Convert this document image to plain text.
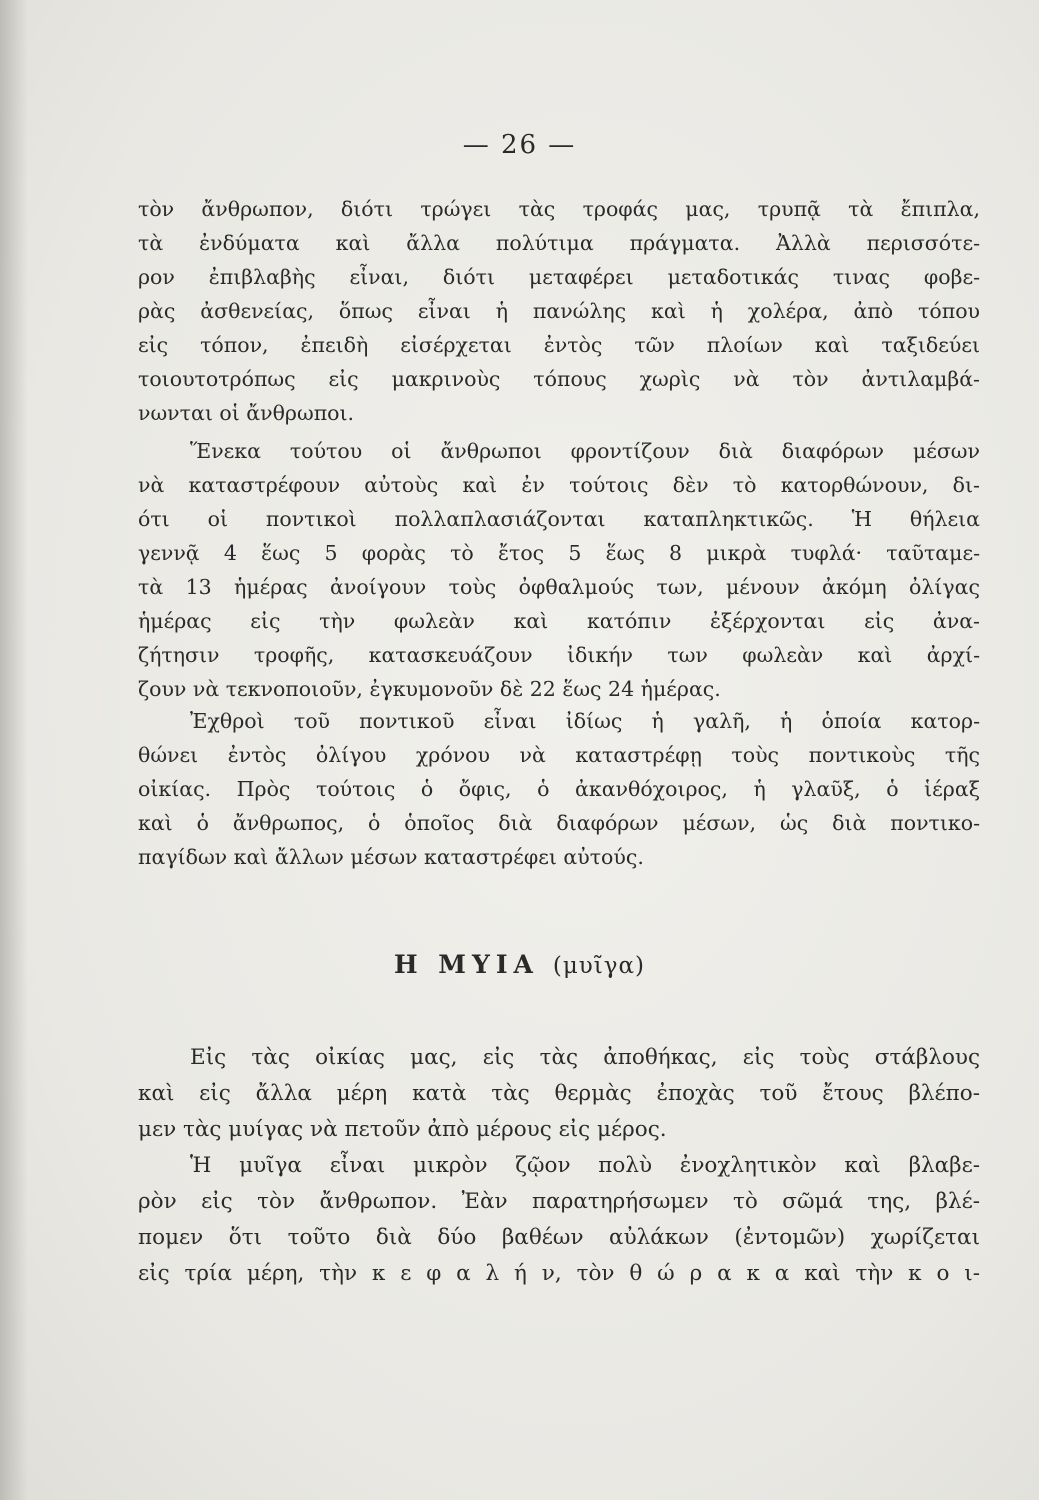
— 26 —
τὸν ἄνθρωπον, διότι τρώγει τὰς τροφάς μας, τρυπᾷ τὰ ἔπιπλα,
τὰ ἐνδύματα καὶ ἄλλα πολύτιμα πράγματα. Ἀλλὰ περισσότε-
ρον ἐπιβλαβὴς εἶναι, διότι μεταφέρει μεταδοτικάς τινας φοβε-
ρὰς ἀσθενείας, ὅπως εἶναι ἡ πανώλης καὶ ἡ χολέρα, ἀπὸ τόπου
εἰς τόπον, ἐπειδὴ εἰσέρχεται ἐντὸς τῶν πλοίων καὶ ταξιδεύει
τοιουτοτρόπως εἰς μακρινοὺς τόπους χωρὶς νὰ τὸν ἀντιλαμβά-
νωνται οἱ ἄνθρωποι.
Ἕνεκα τούτου οἱ ἄνθρωποι φροντίζουν διὰ διαφόρων μέσων
νὰ καταστρέφουν αὐτοὺς καὶ ἐν τούτοις δὲν τὸ κατορθώνουν, δι-
ότι οἱ ποντικοὶ πολλαπλασιάζονται καταπληκτικῶς. Ἡ θήλεια
γεννᾷ 4 ἕως 5 φορὰς τὸ ἔτος 5 ἕως 8 μικρὰ τυφλά· ταῦταμε-
τὰ 13 ἡμέρας ἀνοίγουν τοὺς ὀφθαλμούς των, μένουν ἀκόμη ὀλίγας
ἡμέρας εἰς τὴν φωλεὰν καὶ κατόπιν ἐξέρχονται εἰς ἀνα-
ζήτησιν τροφῆς, κατασκευάζουν ἰδικήν των φωλεὰν καὶ ἀρχί-
ζουν νὰ τεκνοποιοῦν, ἐγκυμονοῦν δὲ 22 ἕως 24 ἡμέρας.
Ἐχθροὶ τοῦ ποντικοῦ εἶναι ἰδίως ἡ γαλῆ, ἡ ὁποία κατορ-
θώνει ἐντὸς ὀλίγου χρόνου νὰ καταστρέφῃ τοὺς ποντικοὺς τῆς
οἰκίας. Πρὸς τούτοις ὁ ὄφις, ὁ ἀκανθόχοιρος, ἡ γλαῦξ, ὁ ἱέραξ
καὶ ὁ ἄνθρωπος, ὁ ὁποῖος διὰ διαφόρων μέσων, ὡς διὰ ποντικο-
παγίδων καὶ ἄλλων μέσων καταστρέφει αὐτούς.
Η ΜΥΙΑ (μυῖγα)
Εἰς τὰς οἰκίας μας, εἰς τὰς ἀποθήκας, εἰς τοὺς στάβλους
καὶ εἰς ἄλλα μέρη κατὰ τὰς θερμὰς ἐποχὰς τοῦ ἔτους βλέπο-
μεν τὰς μυίγας νὰ πετοῦν ἀπὸ μέρους εἰς μέρος.
Ἡ μυῖγα εἶναι μικρὸν ζῷον πολὺ ἐνοχλητικὸν καὶ βλαβε-
ρὸν εἰς τὸν ἄνθρωπον. Ἐὰν παρατηρήσωμεν τὸ σῶμά της, βλέ-
πομεν ὅτι τοῦτο διὰ δύο βαθέων αὐλάκων (ἐντομῶν) χωρίζεται
εἰς τρία μέρη, τὴν κ ε φ α λ ή ν, τὸν θ ώ ρ α κ α καὶ τὴν κ ο ι-
